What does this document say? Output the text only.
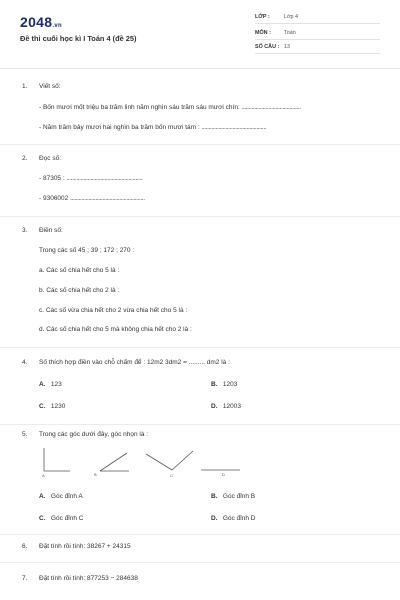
2048.vn
Đề thi cuối học kì I Toán 4 (đề 25)
LỚP :	Lớp 4
MÔN : Toán
SỐ CÂU : 13
1. Viết số:
- Bốn mươi mốt triệu ba trăm linh năm nghìn sáu trăm sáu mươi chín: ..........................................
- Năm trăm bảy mươi hai nghìn ba trăm bốn mươi tám : ..............................................
2. Đọc số:
- 87305 : ......................................................
- 9306002 .....................................................
3. Điền số:
Trong các số 45 ; 39 ; 172 ; 270 :
a. Các số chia hết cho 5 là :
b. Các số chia hết cho 2 là :
c. Các số vừa chia hết cho 2 vừa chia hết cho 5 là :
d. Các số chia hết cho 5 mà không chia hết cho 2 là :
4. Số thích hợp điền vào chỗ chấm để : 12m2 3dm2 = ......... dm2 là :
A. 123	B. 1203
C. 1230	D. 12003
5. Trong các góc dưới đây, góc nhọn là :
A	B	C	D
A. Góc đỉnh A	B. Góc đỉnh B
C. Góc đỉnh C	D. Góc đỉnh D
6. Đặt tính rồi tính: 38267 + 24315
7. Đặt tính rồi tính: 877253 − 284638
